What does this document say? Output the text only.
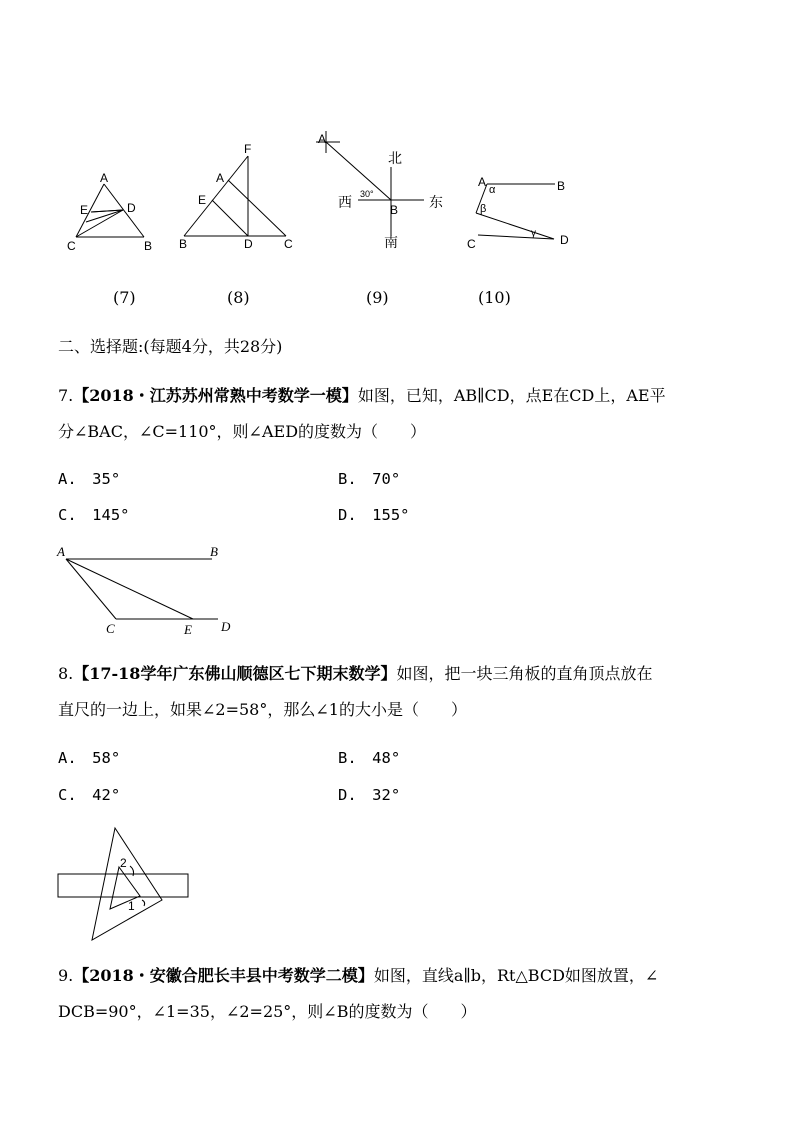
A
E	D
C	B
(7)
F
A
E
B	D	C
(8)
A
北
西 30°
B 东
南
(9)
A
α	B
β
γ
C	D
(10)
二、选择题:(每题4分，共28分)
7.【2018・江苏苏州常熟中考数学一模】如图，已知，AB∥CD，点E在CD上，AE平
分∠BAC，∠C=110°，则∠AED的度数为（　　）
A.　35°	B.　70°
C.　145°	D.　155°
A	B
C	E D
8.【17-18学年广东佛山顺德区七下期末数学】如图，把一块三角板的直角顶点放在
直尺的一边上，如果∠2=58°，那么∠1的大小是（　　）
A.　58°	B.　48°
C.　42°	D.　32°
2
1
9.【2018・安徽合肥长丰县中考数学二模】如图，直线a∥b，Rt△BCD如图放置，∠
DCB=90°，∠1=35，∠2=25°，则∠B的度数为（　　）
